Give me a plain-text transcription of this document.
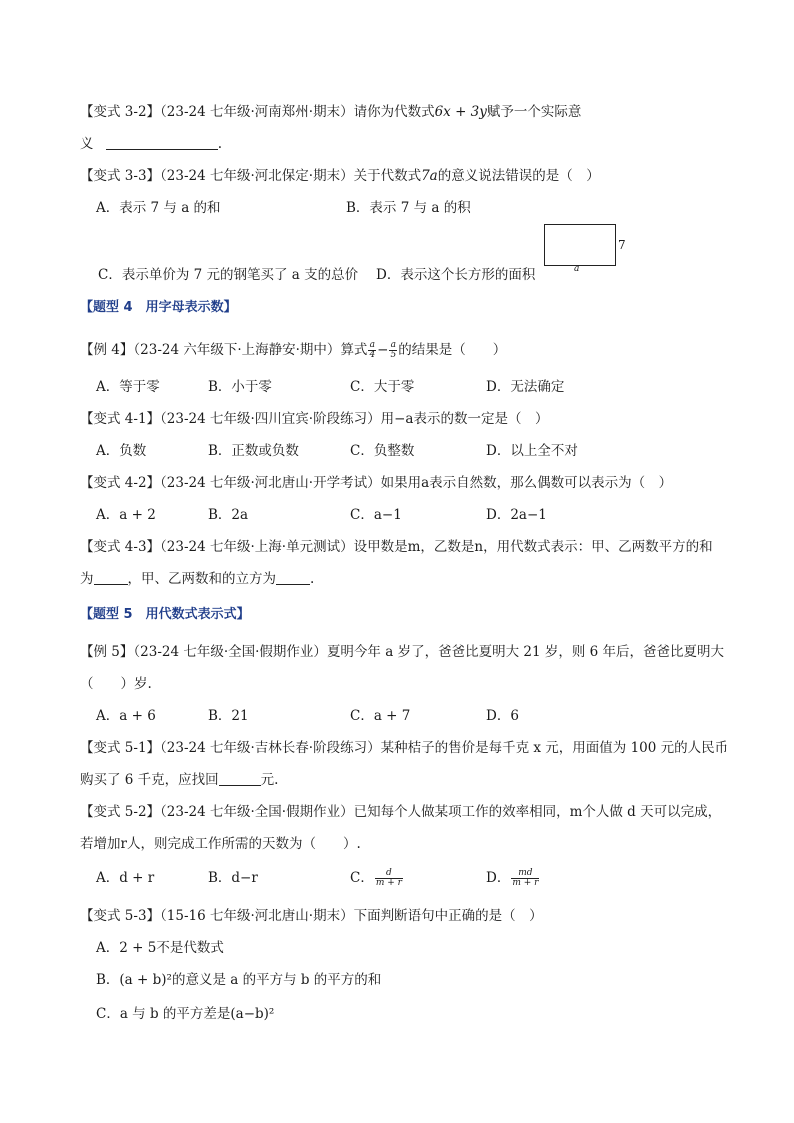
【变式 3-2】（23-24 七年级·河南郑州·期末）请你为代数式6x + 3y赋予一个实际意
义	.
【变式 3-3】（23-24 七年级·河北保定·期末）关于代数式7a的意义说法错误的是（　）
A．表示 7 与 a 的和	B．表示 7 与 a 的积
C．表示单价为 7 元的钢笔买了 a 支的总价 D．表示这个长方形的面积
7
a
【题型 4　用字母表示数】
【例 4】（23-24 六年级下·上海静安·期中）算式 $\frac{a}{4} - \frac{a}{5}$ 的结果是（　　）
A．等于零	B．小于零	C．大于零	D．无法确定
【变式 4-1】（23-24 七年级·四川宜宾·阶段练习）用−a表示的数一定是（　）
A．负数	B．正数或负数	C．负整数	D．以上全不对
【变式 4-2】（23-24 七年级·河北唐山·开学考试）如果用a表示自然数，那么偶数可以表示为（　）
A．a + 2	B．2a	C．a−1	D．2a−1
【变式 4-3】（23-24 七年级·上海·单元测试）设甲数是m，乙数是n，用代数式表示：甲、乙两数平方的和
为	，甲、乙两数和的立方为	.
【题型 5　用代数式表示式】
【例 5】（23-24 七年级·全国·假期作业）夏明今年 a 岁了，爸爸比夏明大 21 岁，则 6 年后，爸爸比夏明大
（　　）岁.
A．a + 6	B．21	C．a + 7	D．6
【变式 5-1】（23-24 七年级·吉林长春·阶段练习）某种桔子的售价是每千克 x 元，用面值为 100 元的人民币
购买了 6 千克，应找回	元.
【变式 5-2】（23-24 七年级·全国·假期作业）已知每个人做某项工作的效率相同，m个人做 d 天可以完成，
若增加r人，则完成工作所需的天数为（　　）.
A．d + r	B．d−r	C． $\frac{d}{m + r}$	D． $\frac{md}{m + r}$
【变式 5-3】（15-16 七年级·河北唐山·期末）下面判断语句中正确的是（　）
A．2 + 5不是代数式
B．(a + b)²的意义是 a 的平方与 b 的平方的和
C．a 与 b 的平方差是(a−b)²
